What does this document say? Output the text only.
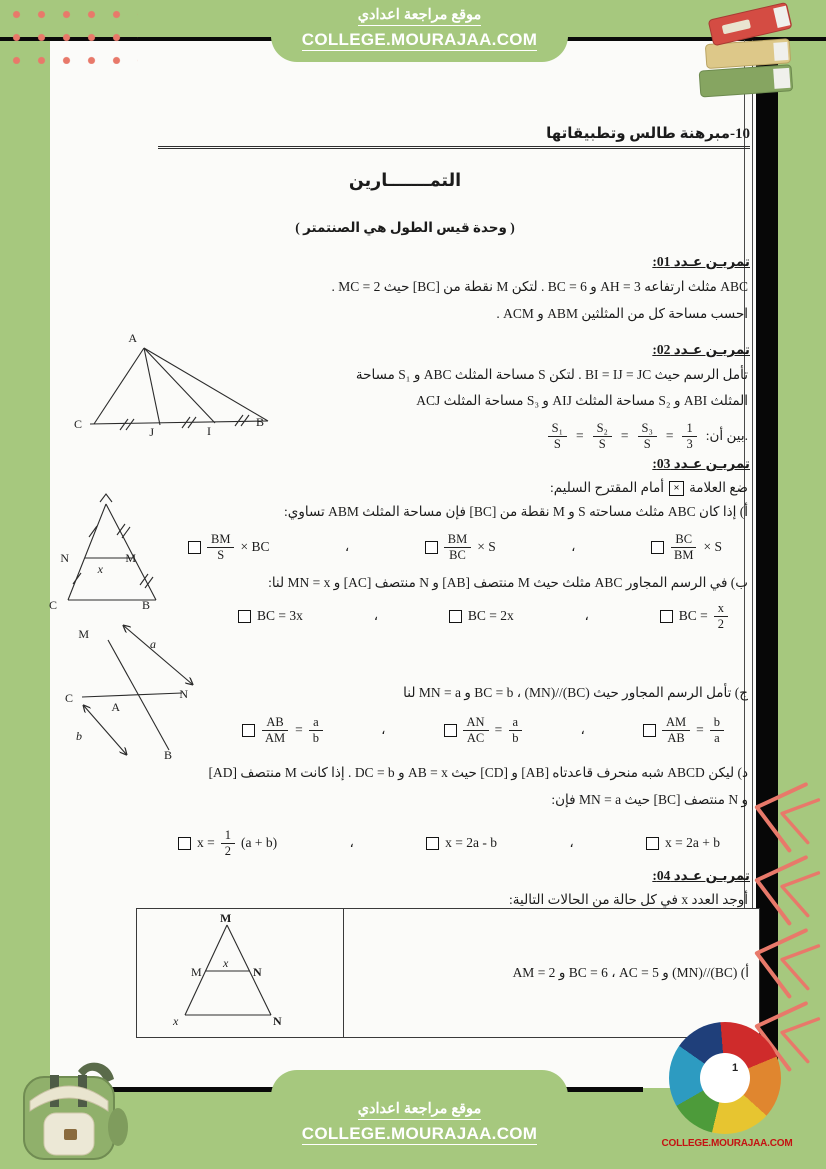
موقع مراجعة اعدادي
COLLEGE.MOURAJAA.COM
10-مبرهنة طالس وتطبيقاتها
التمـــــــارين
( وحدة قيس الطول هي الصنتمتر )
تمريـن عـدد 01:
ABC مثلث ارتفاعه AH = 3 و BC = 6 . لتكن M نقطة من [BC] حيث MC = 2 .
احسب مساحة كل من المثلثين ABM و ACM .
تمريـن عـدد 02:
تأمل الرسم حيث BI = IJ = JC . لتكن S مساحة المثلث ABC و S₁ مساحة
المثلث ABI و S₂ مساحة المثلث AIJ و S₃ مساحة المثلث ACJ
$\frac{\text{S₁}}{S} = \frac{\text{S₂}}{S} = \frac{\text{S₃}}{S} = \frac{1}{3}$ .بين أن:
A
C	B
J	I
تمريـن عـدد 03:
ضع العلامة
×
أمام المقترح السليم:
أ) إذا كان ABC مثلث مساحته S و M نقطة من [BC] فإن مساحة المثلث ABM تساوي:
$\frac{BM}{S}$ × BC	،	$\frac{BM}{BC} \times S$	،	$\frac{BC}{BM} \times S$
N	M
x
C	B
ب) في الرسم المجاور ABC مثلث حيث M منتصف [AB] و N منتصف [AC] و MN = x لنا:
BC = 3x	،	BC = 2x	،	BC = $\frac{x}{2}$
M
N
C
A
B
a
b
ج) تأمل الرسم المجاور حيث (BC)//(MN) ، BC = b و MN = a لنا
$\frac{AB}{AM} = \frac{a}{b}$	،	$\frac{AN}{AC} = \frac{a}{b}$	،	$\frac{AM}{AB} = \frac{b}{a}$
د) ليكن ABCD شبه منحرف قاعدتاه [AB] و [CD] حيث AB = x و DC = b . إذا كانت M منتصف [AD]
و N منتصف [BC] حيث MN = a فإن:
$x = \frac{1}{2} (a + b)$	،	x = 2a - b	،	x = 2a + b
تمريـن عـدد 04:
أوجد العدد x في كل حالة من الحالات التالية:
M
M
x
N
x	N
أ) (BC)//(MN) و BC = 6 ، AC = 5 و AM = 2
1
موقع مراجعة اعدادي
COLLEGE.MOURAJAA.COM
COLLEGE.MOURAJAA.COM
